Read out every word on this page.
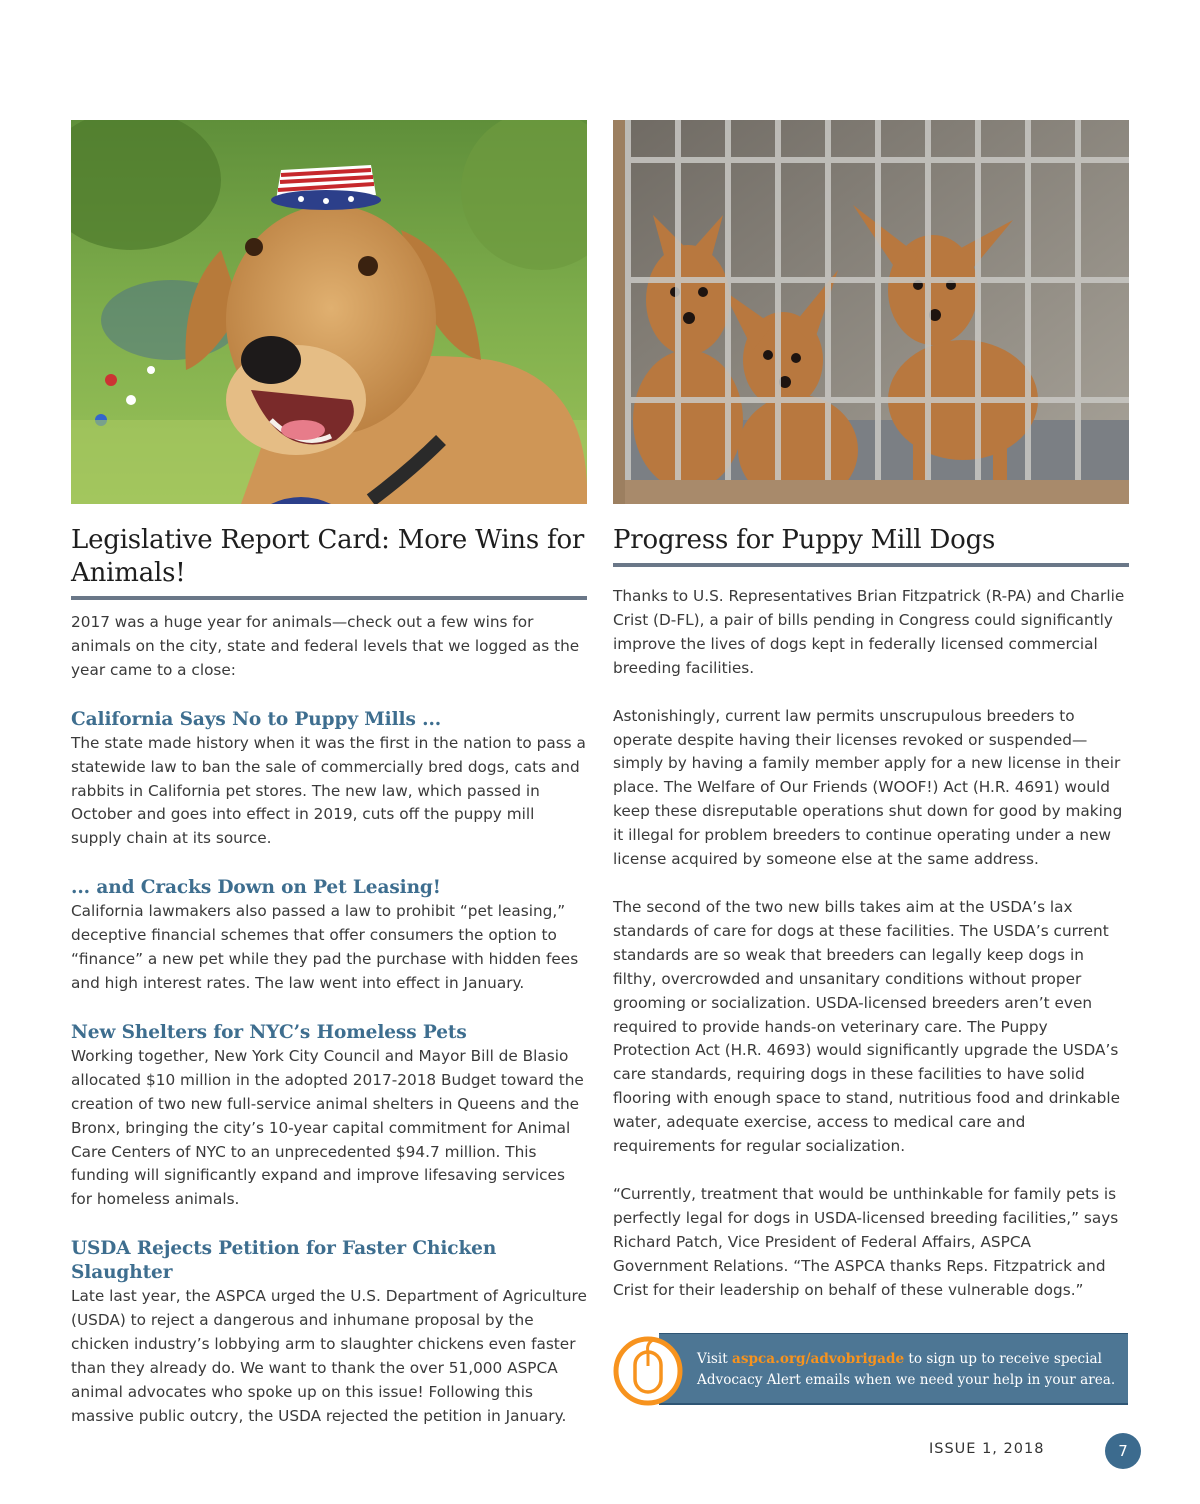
Legislative Report Card: More Wins for Animals!

2017 was a huge year for animals—check out a few wins for animals on the city, state and federal levels that we logged as the year came to a close:

California Says No to Puppy Mills ...

The state made history when it was the first in the nation to pass a statewide law to ban the sale of commercially bred dogs, cats and rabbits in California pet stores. The new law, which passed in October and goes into effect in 2019, cuts off the puppy mill supply chain at its source.

... and Cracks Down on Pet Leasing!

California lawmakers also passed a law to prohibit “pet leasing,” deceptive financial schemes that offer consumers the option to “finance” a new pet while they pad the purchase with hidden fees and high interest rates. The law went into effect in January.

New Shelters for NYC’s Homeless Pets

Working together, New York City Council and Mayor Bill de Blasio allocated $10 million in the adopted 2017-2018 Budget toward the creation of two new full-service animal shelters in Queens and the Bronx, bringing the city’s 10-year capital commitment for Animal Care Centers of NYC to an unprecedented $94.7 million. This funding will significantly expand and improve lifesaving services for homeless animals.

USDA Rejects Petition for Faster Chicken Slaughter

Late last year, the ASPCA urged the U.S. Department of Agriculture (USDA) to reject a dangerous and inhumane proposal by the chicken industry’s lobbying arm to slaughter chickens even faster than they already do. We want to thank the over 51,000 ASPCA animal advocates who spoke up on this issue! Following this massive public outcry, the USDA rejected the petition in January.

Progress for Puppy Mill Dogs

Thanks to U.S. Representatives Brian Fitzpatrick (R-PA) and Charlie Crist (D-FL), a pair of bills pending in Congress could significantly improve the lives of dogs kept in federally licensed commercial breeding facilities.

Astonishingly, current law permits unscrupulous breeders to operate despite having their licenses revoked or suspended—simply by having a family member apply for a new license in their place. The Welfare of Our Friends (WOOF!) Act (H.R. 4691) would keep these disreputable operations shut down for good by making it illegal for problem breeders to continue operating under a new license acquired by someone else at the same address.

The second of the two new bills takes aim at the USDA’s lax standards of care for dogs at these facilities. The USDA’s current standards are so weak that breeders can legally keep dogs in filthy, overcrowded and unsanitary conditions without proper grooming or socialization. USDA-licensed breeders aren’t even required to provide hands-on veterinary care. The Puppy Protection Act (H.R. 4693) would significantly upgrade the USDA’s care standards, requiring dogs in these facilities to have solid flooring with enough space to stand, nutritious food and drinkable water, adequate exercise, access to medical care and requirements for regular socialization.

“Currently, treatment that would be unthinkable for family pets is perfectly legal for dogs in USDA-licensed breeding facilities,” says Richard Patch, Vice President of Federal Affairs, ASPCA Government Relations. “The ASPCA thanks Reps. Fitzpatrick and Crist for their leadership on behalf of these vulnerable dogs.”

Visit aspca.org/advobrigade to sign up to receive special Advocacy Alert emails when we need your help in your area.
ISSUE 1, 2018	7
